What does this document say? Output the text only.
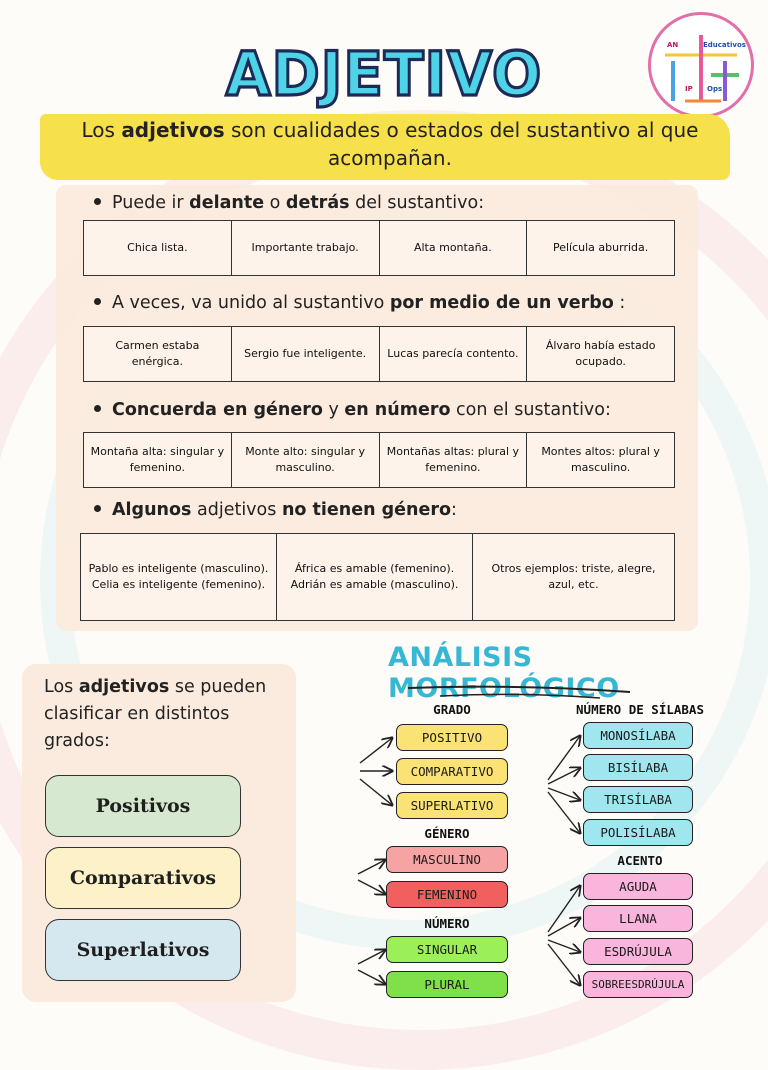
AN	Educativos
IP Ops
ADJETIVO
Los adjetivos son cualidades o estados del sustantivo al que acompañan.
Puede ir delante o detrás del sustantivo:
Chica lista.	Importante trabajo.	Alta montaña.	Película aburrida.
A veces, va unido al sustantivo por medio de un verbo :
Carmen estaba enérgica.	Sergio fue inteligente.	Lucas parecía contento.	Álvaro había estado ocupado.
Concuerda en género y en número con el sustantivo:
Montaña alta: singular y femenino.	Monte alto: singular y masculino.	Montañas altas: plural y femenino.	Montes altos: plural y masculino.
Algunos adjetivos no tienen género:
Pablo es inteligente (masculino). Celia es inteligente (femenino).	África es amable (femenino). Adrián es amable (masculino).	Otros ejemplos: triste, alegre, azul, etc.
Los adjetivos se pueden clasificar en distintos grados:
Positivos
Comparativos
Superlativos
ANÁLISIS MORFOLÓGICO
GRADO
POSITIVO
COMPARATIVO
SUPERLATIVO
GÉNERO
MASCULINO
FEMENINO
NÚMERO
SINGULAR
PLURAL
NÚMERO DE SÍLABAS
MONOSÍLABA
BISÍLABA
TRISÍLABA
POLISÍLABA
ACENTO
AGUDA
LLANA
ESDRÚJULA
SOBREESDRÚJULA
